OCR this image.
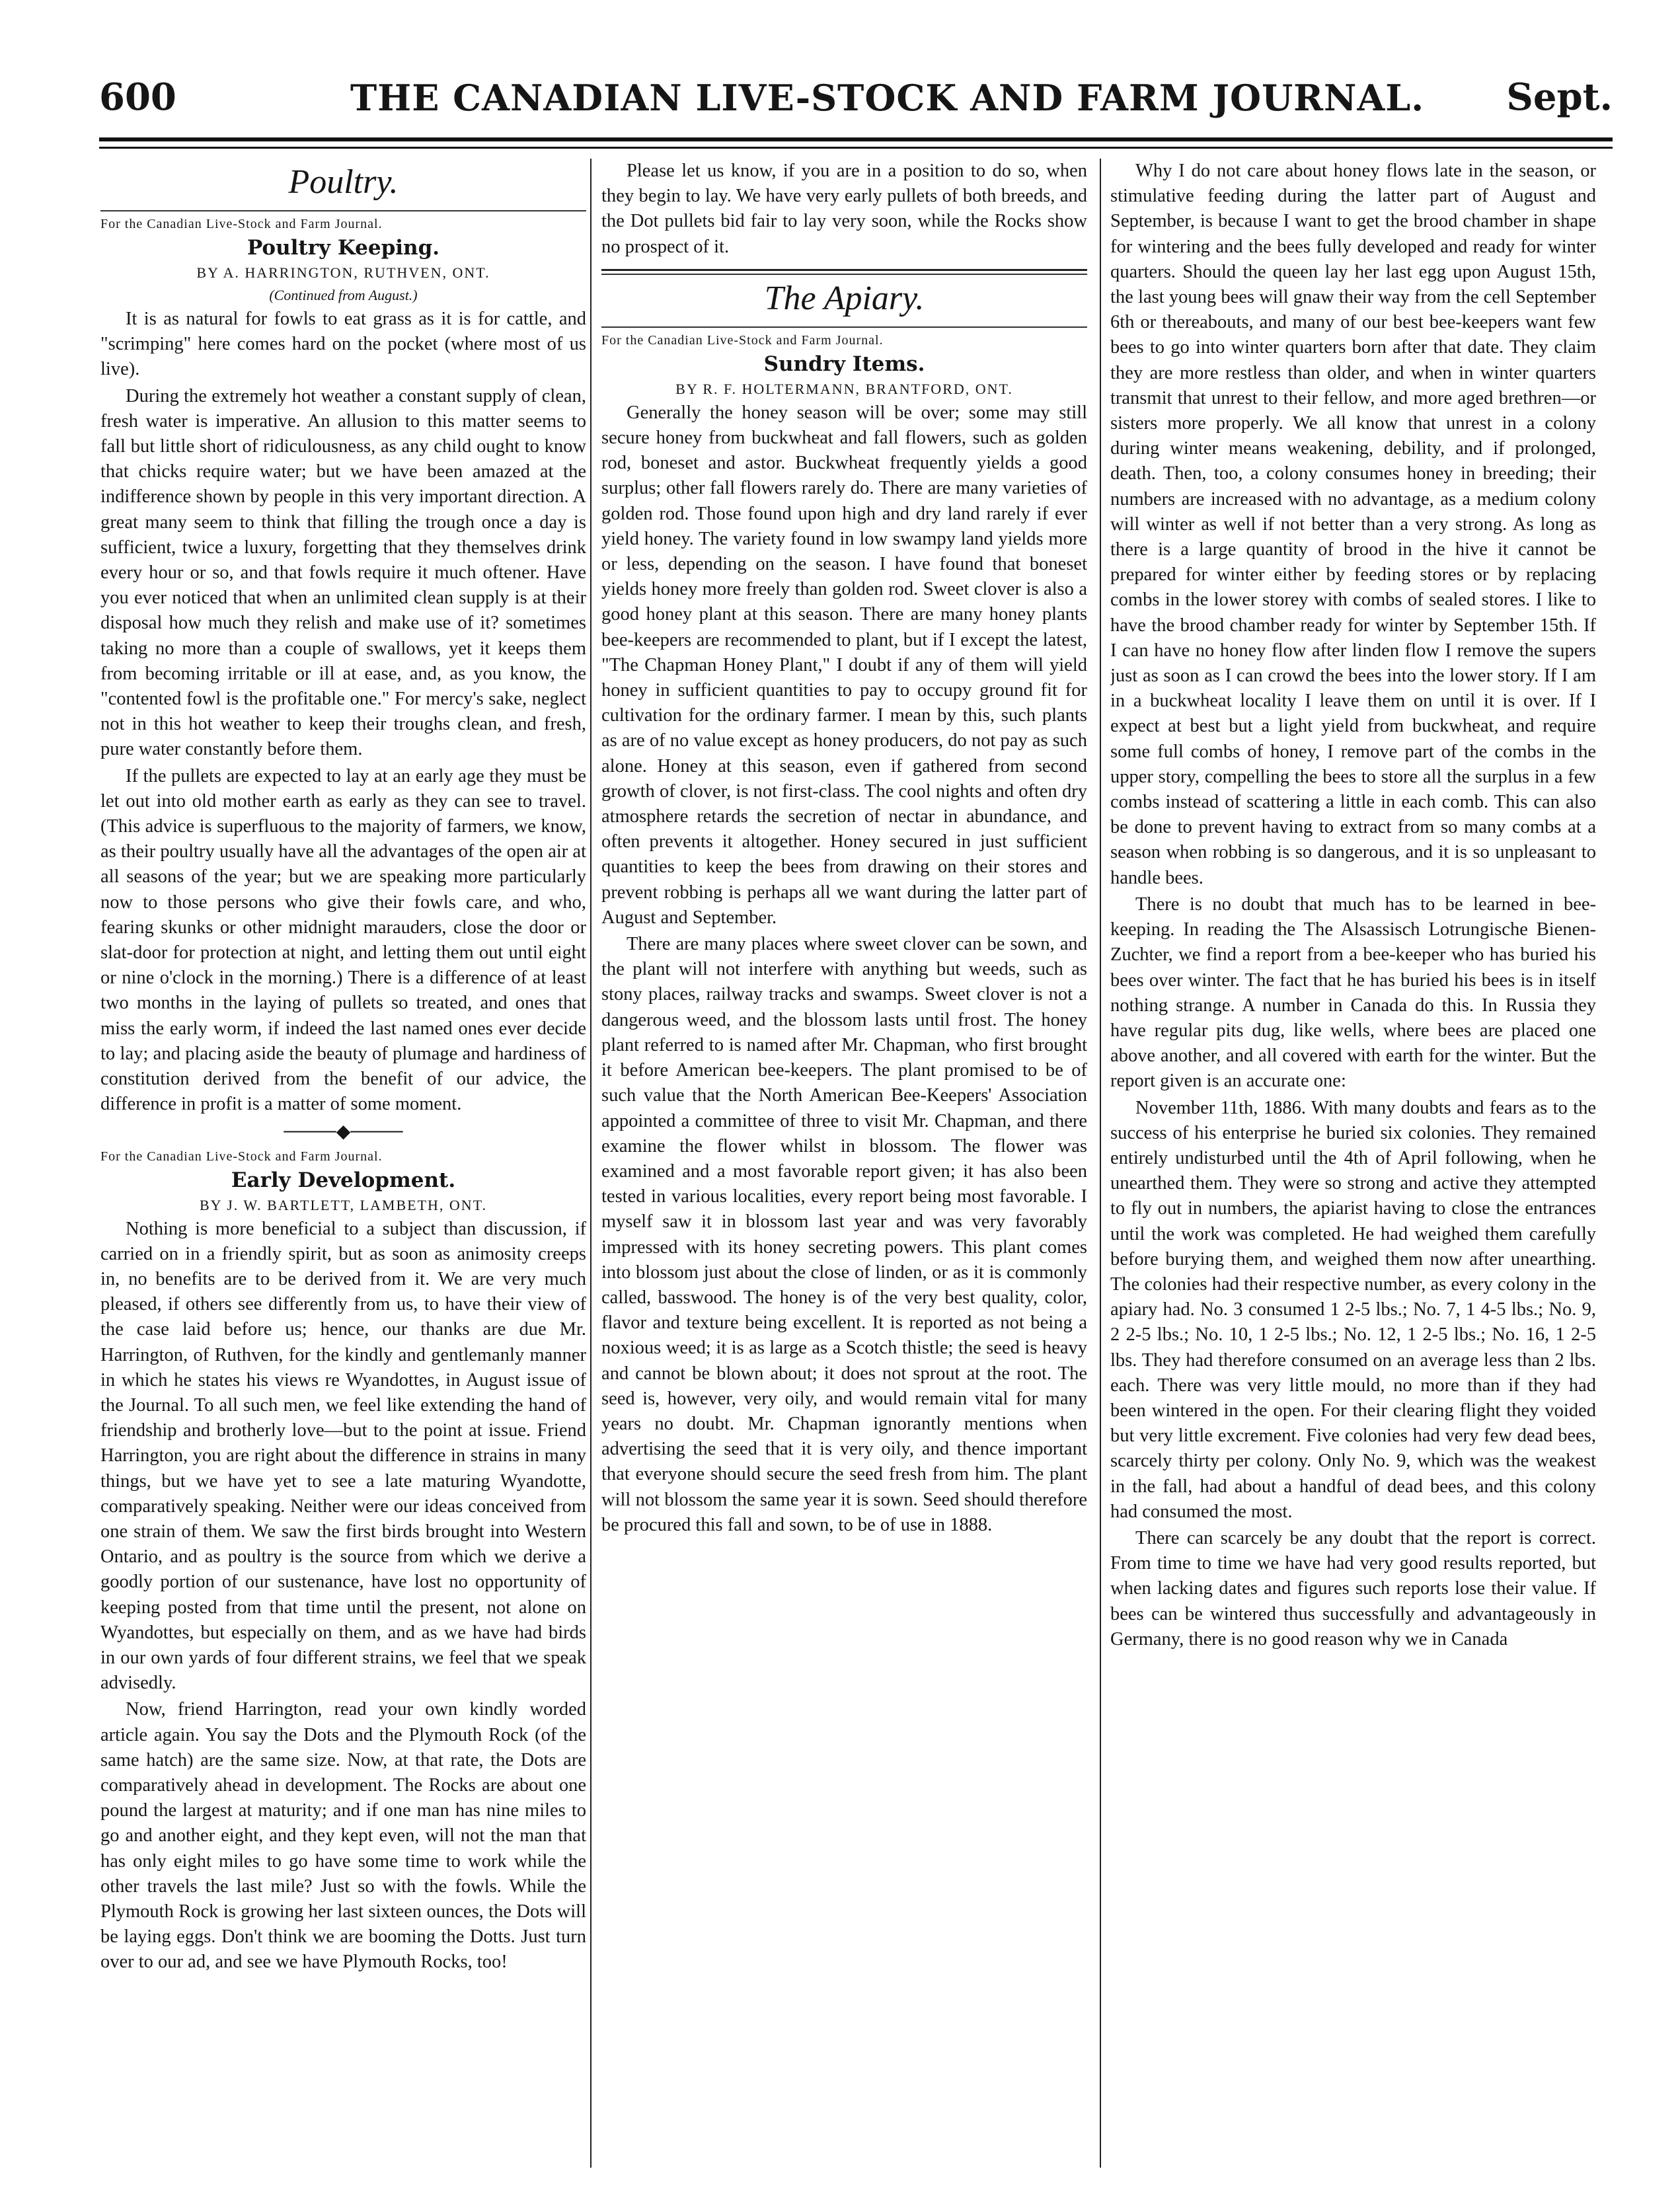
600	THE CANADIAN LIVE-STOCK AND FARM JOURNAL. Sept.
Poultry.
For the Canadian Live-Stock and Farm Journal.
Poultry Keeping.
BY A. HARRINGTON, RUTHVEN, ONT.
(Continued from August.)

It is as natural for fowls to eat grass as it is for cattle, and "scrimping" here comes hard on the pocket (where most of us live).

During the extremely hot weather a constant supply of clean, fresh water is imperative. An allusion to this matter seems to fall but little short of ridiculousness, as any child ought to know that chicks require water; but we have been amazed at the indifference shown by people in this very important direction. A great many seem to think that filling the trough once a day is sufficient, twice a luxury, forgetting that they themselves drink every hour or so, and that fowls require it much oftener. Have you ever noticed that when an unlimited clean supply is at their disposal how much they relish and make use of it? sometimes taking no more than a couple of swallows, yet it keeps them from becoming irritable or ill at ease, and, as you know, the "contented fowl is the profitable one." For mercy's sake, neglect not in this hot weather to keep their troughs clean, and fresh, pure water constantly before them.

If the pullets are expected to lay at an early age they must be let out into old mother earth as early as they can see to travel. (This advice is superfluous to the majority of farmers, we know, as their poultry usually have all the advantages of the open air at all seasons of the year; but we are speaking more particularly now to those persons who give their fowls care, and who, fearing skunks or other midnight marauders, close the door or slat-door for protection at night, and letting them out until eight or nine o'clock in the morning.) There is a difference of at least two months in the laying of pullets so treated, and ones that miss the early worm, if indeed the last named ones ever decide to lay; and placing aside the beauty of plumage and hardiness of constitution derived from the benefit of our advice, the difference in profit is a matter of some moment.

────◆────
For the Canadian Live-Stock and Farm Journal.
Early Development.
BY J. W. BARTLETT, LAMBETH, ONT.

Nothing is more beneficial to a subject than discussion, if carried on in a friendly spirit, but as soon as animosity creeps in, no benefits are to be derived from it. We are very much pleased, if others see differently from us, to have their view of the case laid before us; hence, our thanks are due Mr. Harrington, of Ruthven, for the kindly and gentlemanly manner in which he states his views re Wyandottes, in August issue of the Journal. To all such men, we feel like extending the hand of friendship and brotherly love—but to the point at issue. Friend Harrington, you are right about the difference in strains in many things, but we have yet to see a late maturing Wyandotte, comparatively speaking. Neither were our ideas conceived from one strain of them. We saw the first birds brought into Western Ontario, and as poultry is the source from which we derive a goodly portion of our sustenance, have lost no opportunity of keeping posted from that time until the present, not alone on Wyandottes, but especially on them, and as we have had birds in our own yards of four different strains, we feel that we speak advisedly.

Now, friend Harrington, read your own kindly worded article again. You say the Dots and the Plymouth Rock (of the same hatch) are the same size. Now, at that rate, the Dots are comparatively ahead in development. The Rocks are about one pound the largest at maturity; and if one man has nine miles to go and another eight, and they kept even, will not the man that has only eight miles to go have some time to work while the other travels the last mile? Just so with the fowls. While the Plymouth Rock is growing her last sixteen ounces, the Dots will be laying eggs. Don't think we are booming the Dotts. Just turn over to our ad, and see we have Plymouth Rocks, too!

Please let us know, if you are in a position to do so, when they begin to lay. We have very early pullets of both breeds, and the Dot pullets bid fair to lay very soon, while the Rocks show no prospect of it.

The Apiary.
For the Canadian Live-Stock and Farm Journal.
Sundry Items.
BY R. F. HOLTERMANN, BRANTFORD, ONT.

Generally the honey season will be over; some may still secure honey from buckwheat and fall flowers, such as golden rod, boneset and astor. Buckwheat frequently yields a good surplus; other fall flowers rarely do. There are many varieties of golden rod. Those found upon high and dry land rarely if ever yield honey. The variety found in low swampy land yields more or less, depending on the season. I have found that boneset yields honey more freely than golden rod. Sweet clover is also a good honey plant at this season. There are many honey plants bee-keepers are recommended to plant, but if I except the latest, "The Chapman Honey Plant," I doubt if any of them will yield honey in sufficient quantities to pay to occupy ground fit for cultivation for the ordinary farmer. I mean by this, such plants as are of no value except as honey producers, do not pay as such alone. Honey at this season, even if gathered from second growth of clover, is not first-class. The cool nights and often dry atmosphere retards the secretion of nectar in abundance, and often prevents it altogether. Honey secured in just sufficient quantities to keep the bees from drawing on their stores and prevent robbing is perhaps all we want during the latter part of August and September.

There are many places where sweet clover can be sown, and the plant will not interfere with anything but weeds, such as stony places, railway tracks and swamps. Sweet clover is not a dangerous weed, and the blossom lasts until frost. The honey plant referred to is named after Mr. Chapman, who first brought it before American bee-keepers. The plant promised to be of such value that the North American Bee-Keepers' Association appointed a committee of three to visit Mr. Chapman, and there examine the flower whilst in blossom. The flower was examined and a most favorable report given; it has also been tested in various localities, every report being most favorable. I myself saw it in blossom last year and was very favorably impressed with its honey secreting powers. This plant comes into blossom just about the close of linden, or as it is commonly called, basswood. The honey is of the very best quality, color, flavor and texture being excellent. It is reported as not being a noxious weed; it is as large as a Scotch thistle; the seed is heavy and cannot be blown about; it does not sprout at the root. The seed is, however, very oily, and would remain vital for many years no doubt. Mr. Chapman ignorantly mentions when advertising the seed that it is very oily, and thence important that everyone should secure the seed fresh from him. The plant will not blossom the same year it is sown. Seed should therefore be procured this fall and sown, to be of use in 1888.

Why I do not care about honey flows late in the season, or stimulative feeding during the latter part of August and September, is because I want to get the brood chamber in shape for wintering and the bees fully developed and ready for winter quarters. Should the queen lay her last egg upon August 15th, the last young bees will gnaw their way from the cell September 6th or thereabouts, and many of our best bee-keepers want few bees to go into winter quarters born after that date. They claim they are more restless than older, and when in winter quarters transmit that unrest to their fellow, and more aged brethren—or sisters more properly. We all know that unrest in a colony during winter means weakening, debility, and if prolonged, death. Then, too, a colony consumes honey in breeding; their numbers are increased with no advantage, as a medium colony will winter as well if not better than a very strong. As long as there is a large quantity of brood in the hive it cannot be prepared for winter either by feeding stores or by replacing combs in the lower storey with combs of sealed stores. I like to have the brood chamber ready for winter by September 15th. If I can have no honey flow after linden flow I remove the supers just as soon as I can crowd the bees into the lower story. If I am in a buckwheat locality I leave them on until it is over. If I expect at best but a light yield from buckwheat, and require some full combs of honey, I remove part of the combs in the upper story, compelling the bees to store all the surplus in a few combs instead of scattering a little in each comb. This can also be done to prevent having to extract from so many combs at a season when robbing is so dangerous, and it is so unpleasant to handle bees.

There is no doubt that much has to be learned in bee-keeping. In reading the The Alsassisch Lotrungische Bienen-Zuchter, we find a report from a bee-keeper who has buried his bees over winter. The fact that he has buried his bees is in itself nothing strange. A number in Canada do this. In Russia they have regular pits dug, like wells, where bees are placed one above another, and all covered with earth for the winter. But the report given is an accurate one:

November 11th, 1886. With many doubts and fears as to the success of his enterprise he buried six colonies. They remained entirely undisturbed until the 4th of April following, when he unearthed them. They were so strong and active they attempted to fly out in numbers, the apiarist having to close the entrances until the work was completed. He had weighed them carefully before burying them, and weighed them now after unearthing. The colonies had their respective number, as every colony in the apiary had. No. 3 consumed 1 2-5 lbs.; No. 7, 1 4-5 lbs.; No. 9, 2 2-5 lbs.; No. 10, 1 2-5 lbs.; No. 12, 1 2-5 lbs.; No. 16, 1 2-5 lbs. They had therefore consumed on an average less than 2 lbs. each. There was very little mould, no more than if they had been wintered in the open. For their clearing flight they voided but very little excrement. Five colonies had very few dead bees, scarcely thirty per colony. Only No. 9, which was the weakest in the fall, had about a handful of dead bees, and this colony had consumed the most.

There can scarcely be any doubt that the report is correct. From time to time we have had very good results reported, but when lacking dates and figures such reports lose their value. If bees can be wintered thus successfully and advantageously in Germany, there is no good reason why we in Canada
